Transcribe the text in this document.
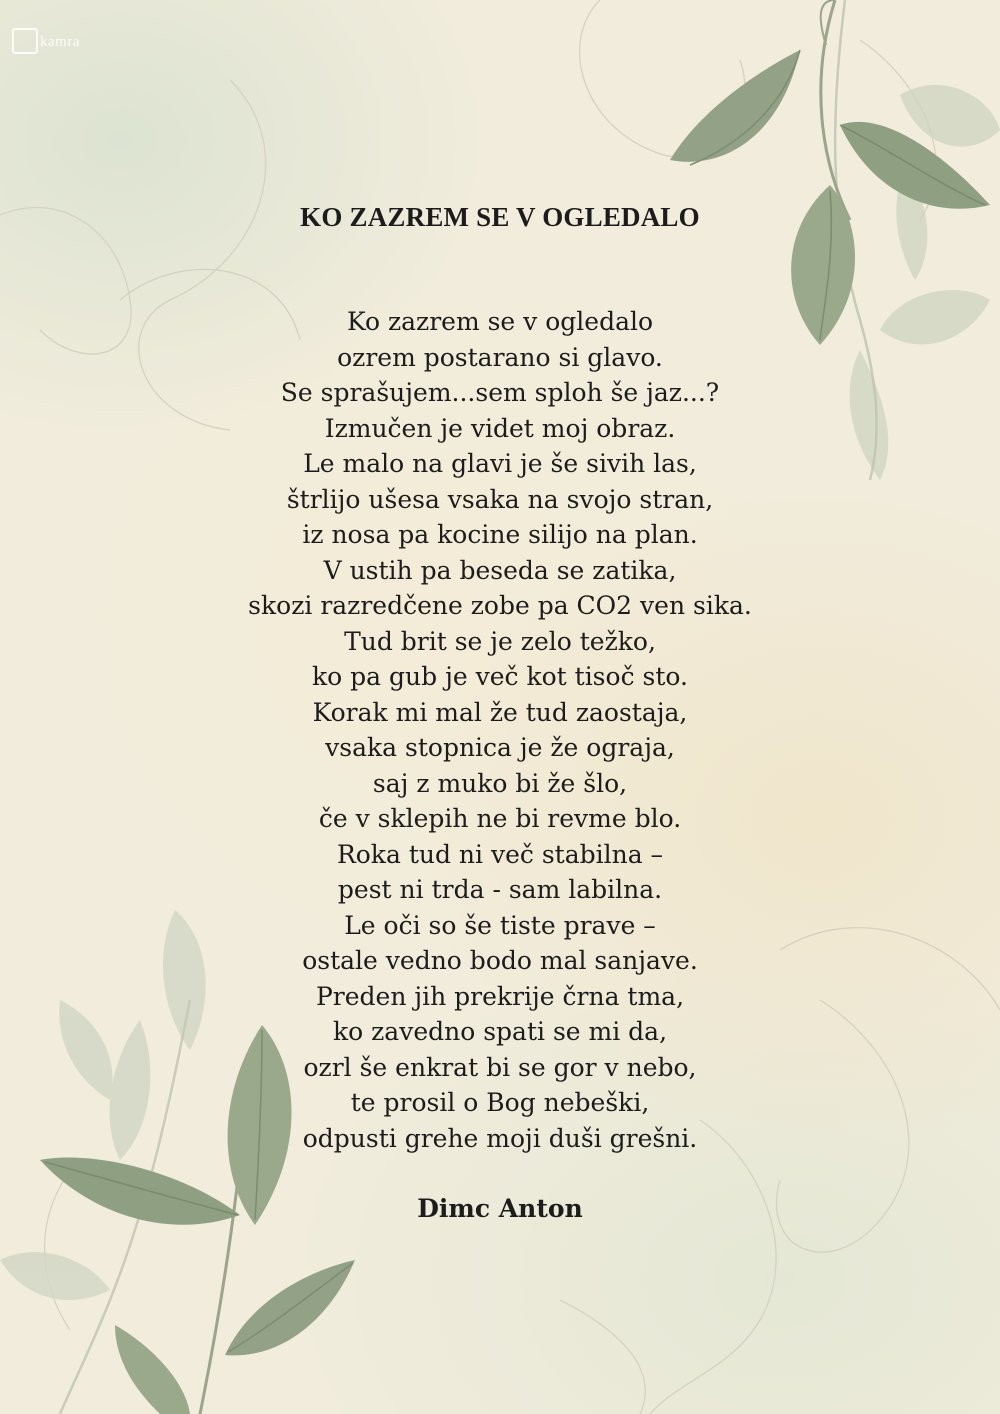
kamra
KO ZAZREM SE V OGLEDALO
Ko zazrem se v ogledalo
ozrem postarano si glavo.
Se sprašujem...sem sploh še jaz...?
Izmučen je videt moj obraz.
Le malo na glavi je še sivih las,
štrlijo ušesa vsaka na svojo stran,
iz nosa pa kocine silijo na plan.
V ustih pa beseda se zatika,
skozi razredčene zobe pa CO2 ven sika.
Tud brit se je zelo težko,
ko pa gub je več kot tisoč sto.
Korak mi mal že tud zaostaja,
vsaka stopnica je že ograja,
saj z muko bi že šlo,
če v sklepih ne bi revme blo.
Roka tud ni več stabilna –
pest ni trda - sam labilna.
Le oči so še tiste prave –
ostale vedno bodo mal sanjave.
Preden jih prekrije črna tma,
ko zavedno spati se mi da,
ozrl še enkrat bi se gor v nebo,
te prosil o Bog nebeški,
odpusti grehe moji duši grešni.
Dimc Anton
